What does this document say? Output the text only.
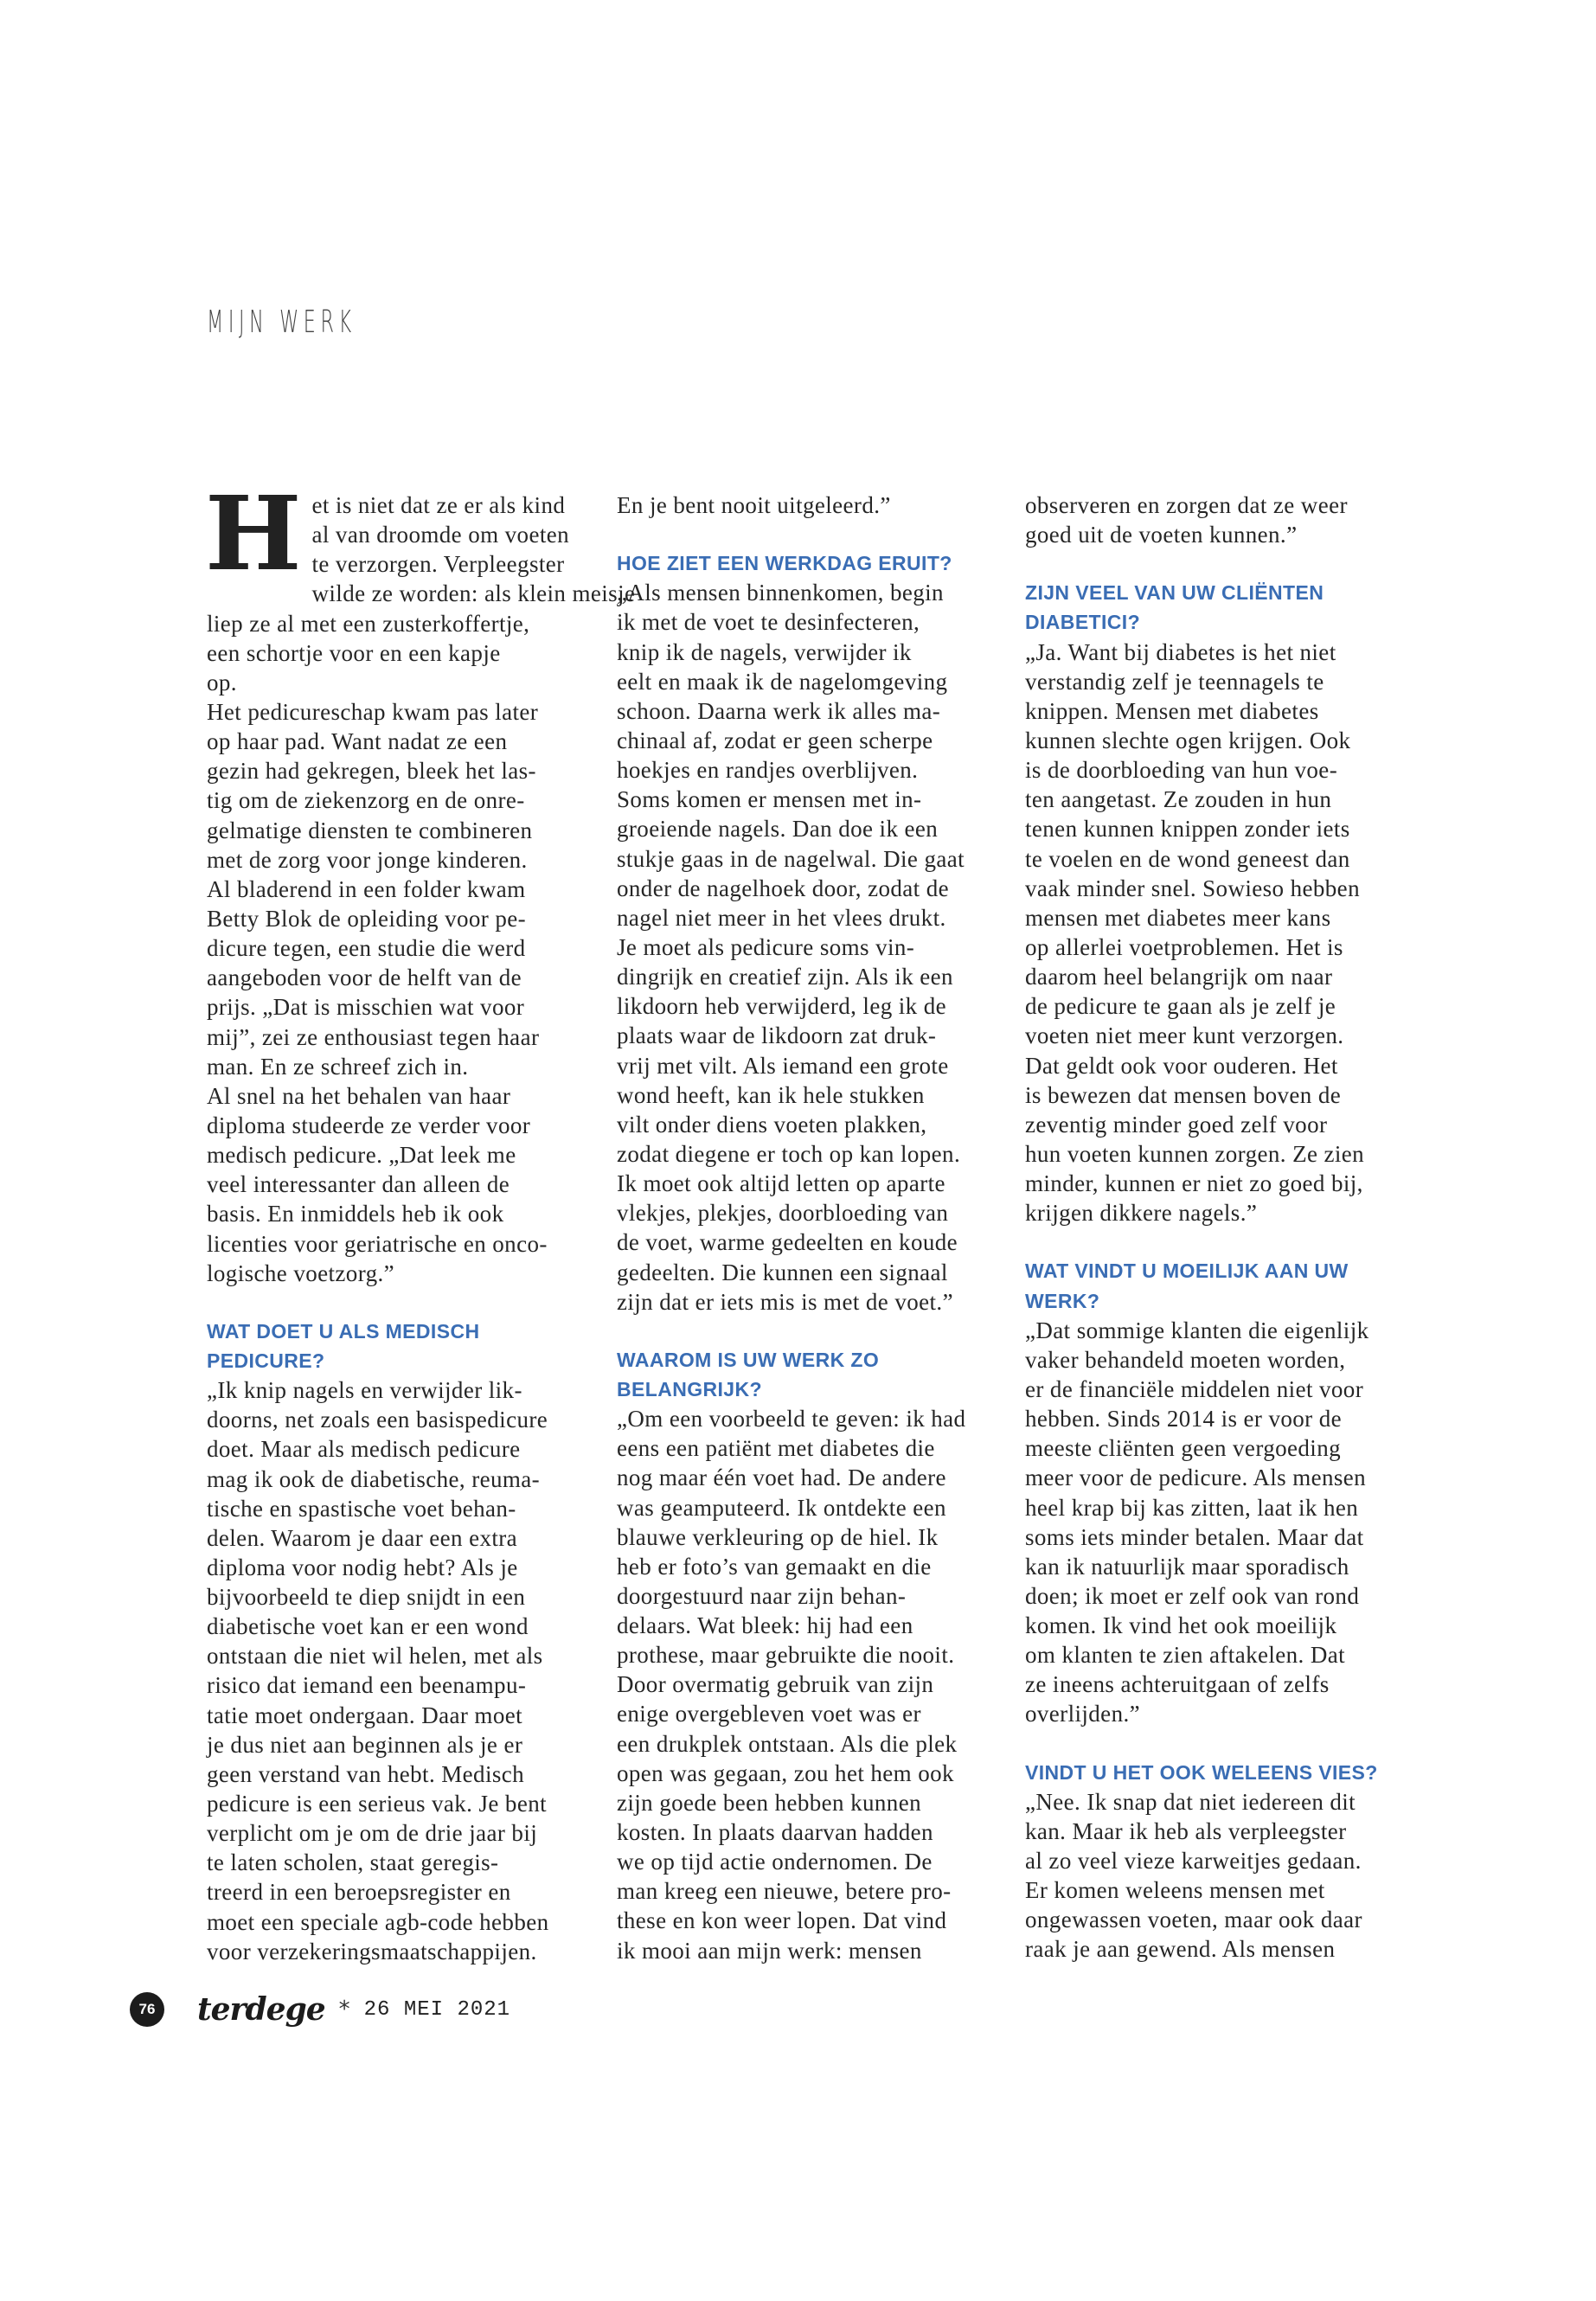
MIJN WERK
H et is niet dat ze er als kind
al van droomde om voeten
te verzorgen. Verpleegster
wilde ze worden: als klein meisje
liep ze al met een zusterkoffertje,
een schortje voor en een kapje
op.
Het pedicureschap kwam pas later
op haar pad. Want nadat ze een
gezin had gekregen, bleek het las-
tig om de ziekenzorg en de onre-
gelmatige diensten te combineren
met de zorg voor jonge kinderen.
Al bladerend in een folder kwam
Betty Blok de opleiding voor pe-
dicure tegen, een studie die werd
aangeboden voor de helft van de
prijs. „Dat is misschien wat voor
mij”, zei ze enthousiast tegen haar
man. En ze schreef zich in.
Al snel na het behalen van haar
diploma studeerde ze verder voor
medisch pedicure. „Dat leek me
veel interessanter dan alleen de
basis. En inmiddels heb ik ook
licenties voor geriatrische en onco-
logische voetzorg.”
WAT DOET U ALS MEDISCH
PEDICURE?
„Ik knip nagels en verwijder lik-
doorns, net zoals een basispedicure
doet. Maar als medisch pedicure
mag ik ook de diabetische, reuma-
tische en spastische voet behan-
delen. Waarom je daar een extra
diploma voor nodig hebt? Als je
bijvoorbeeld te diep snijdt in een
diabetische voet kan er een wond
ontstaan die niet wil helen, met als
risico dat iemand een beenampu-
tatie moet ondergaan. Daar moet
je dus niet aan beginnen als je er
geen verstand van hebt. Medisch
pedicure is een serieus vak. Je bent
verplicht om je om de drie jaar bij
te laten scholen, staat geregis-
treerd in een beroepsregister en
moet een speciale agb-code hebben
voor verzekeringsmaatschappijen.
En je bent nooit uitgeleerd.”
HOE ZIET EEN WERKDAG ERUIT?
„Als mensen binnenkomen, begin
ik met de voet te desinfecteren,
knip ik de nagels, verwijder ik
eelt en maak ik de nagelomgeving
schoon. Daarna werk ik alles ma-
chinaal af, zodat er geen scherpe
hoekjes en randjes overblijven.
Soms komen er mensen met in-
groeiende nagels. Dan doe ik een
stukje gaas in de nagelwal. Die gaat
onder de nagelhoek door, zodat de
nagel niet meer in het vlees drukt.
Je moet als pedicure soms vin-
dingrijk en creatief zijn. Als ik een
likdoorn heb verwijderd, leg ik de
plaats waar de likdoorn zat druk-
vrij met vilt. Als iemand een grote
wond heeft, kan ik hele stukken
vilt onder diens voeten plakken,
zodat diegene er toch op kan lopen.
Ik moet ook altijd letten op aparte
vlekjes, plekjes, doorbloeding van
de voet, warme gedeelten en koude
gedeelten. Die kunnen een signaal
zijn dat er iets mis is met de voet.”
WAAROM IS UW WERK ZO
BELANGRIJK?
„Om een voorbeeld te geven: ik had
eens een patiënt met diabetes die
nog maar één voet had. De andere
was geamputeerd. Ik ontdekte een
blauwe verkleuring op de hiel. Ik
heb er foto’s van gemaakt en die
doorgestuurd naar zijn behan-
delaars. Wat bleek: hij had een
prothese, maar gebruikte die nooit.
Door overmatig gebruik van zijn
enige overgebleven voet was er
een drukplek ontstaan. Als die plek
open was gegaan, zou het hem ook
zijn goede been hebben kunnen
kosten. In plaats daarvan hadden
we op tijd actie ondernomen. De
man kreeg een nieuwe, betere pro-
these en kon weer lopen. Dat vind
ik mooi aan mijn werk: mensen
observeren en zorgen dat ze weer
goed uit de voeten kunnen.”
ZIJN VEEL VAN UW CLIËNTEN
DIABETICI?
„Ja. Want bij diabetes is het niet
verstandig zelf je teennagels te
knippen. Mensen met diabetes
kunnen slechte ogen krijgen. Ook
is de doorbloeding van hun voe-
ten aangetast. Ze zouden in hun
tenen kunnen knippen zonder iets
te voelen en de wond geneest dan
vaak minder snel. Sowieso hebben
mensen met diabetes meer kans
op allerlei voetproblemen. Het is
daarom heel belangrijk om naar
de pedicure te gaan als je zelf je
voeten niet meer kunt verzorgen.
Dat geldt ook voor ouderen. Het
is bewezen dat mensen boven de
zeventig minder goed zelf voor
hun voeten kunnen zorgen. Ze zien
minder, kunnen er niet zo goed bij,
krijgen dikkere nagels.”
WAT VINDT U MOEILIJK AAN UW
WERK?
„Dat sommige klanten die eigenlijk
vaker behandeld moeten worden,
er de financiële middelen niet voor
hebben. Sinds 2014 is er voor de
meeste cliënten geen vergoeding
meer voor de pedicure. Als mensen
heel krap bij kas zitten, laat ik hen
soms iets minder betalen. Maar dat
kan ik natuurlijk maar sporadisch
doen; ik moet er zelf ook van rond
komen. Ik vind het ook moeilijk
om klanten te zien aftakelen. Dat
ze ineens achteruitgaan of zelfs
overlijden.”
VINDT U HET OOK WELEENS VIES?
„Nee. Ik snap dat niet iedereen dit
kan. Maar ik heb als verpleegster
al zo veel vieze karweitjes gedaan.
Er komen weleens mensen met
ongewassen voeten, maar ook daar
raak je aan gewend. Als mensen
76 terdege * 26 MEI 2021
